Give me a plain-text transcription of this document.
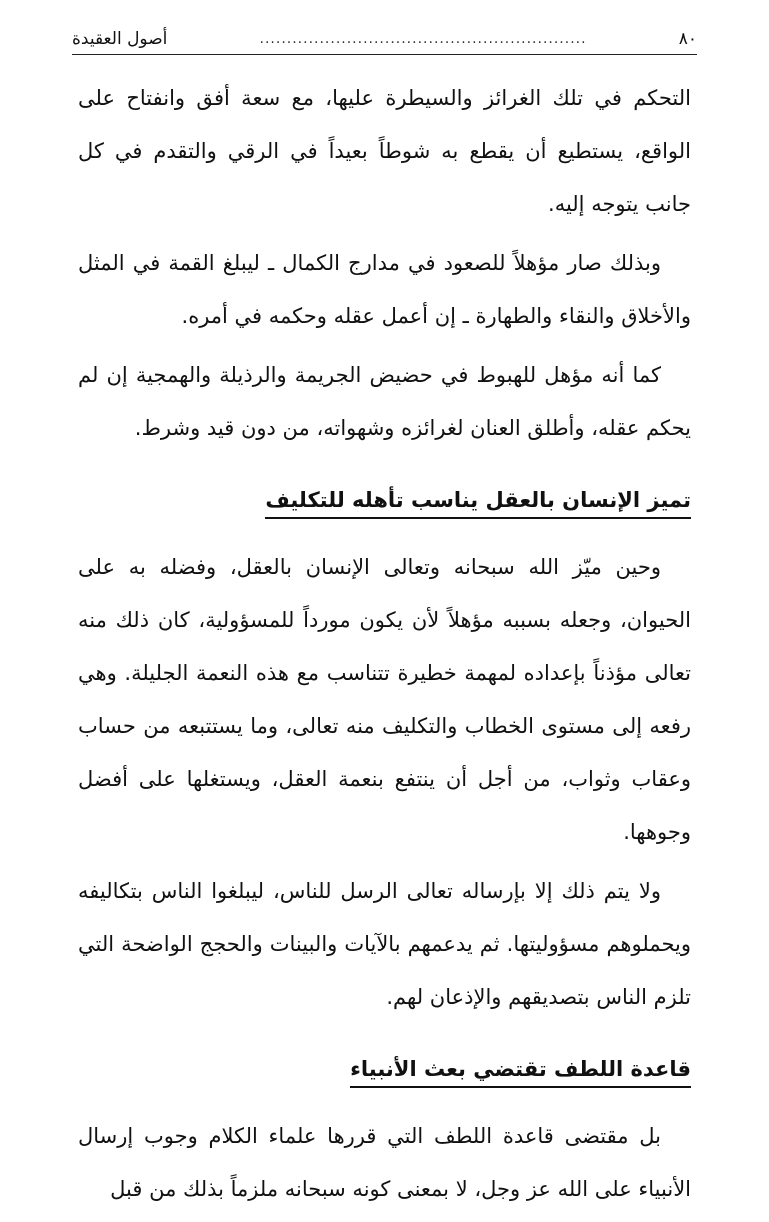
٨٠
............................................................
أصول العقيدة

التحكم في تلك الغرائز والسيطرة عليها، مع سعة أفق وانفتاح على الواقع، يستطيع أن يقطع به شوطاً بعيداً في الرقي والتقدم في كل جانب يتوجه إليه.

وبذلك صار مؤهلاً للصعود في مدارج الكمال ـ ليبلغ القمة في المثل والأخلاق والنقاء والطهارة ـ إن أعمل عقله وحكمه في أمره.

كما أنه مؤهل للهبوط في حضيض الجريمة والرذيلة والهمجية إن لم يحكم عقله، وأطلق العنان لغرائزه وشهواته، من دون قيد وشرط.

تميز الإنسان بالعقل يناسب تأهله للتكليف

وحين ميّز الله سبحانه وتعالى الإنسان بالعقل، وفضله به على الحيوان، وجعله بسببه مؤهلاً لأن يكون مورداً للمسؤولية، كان ذلك منه تعالى مؤذناً بإعداده لمهمة خطيرة تتناسب مع هذه النعمة الجليلة. وهي رفعه إلى مستوى الخطاب والتكليف منه تعالى، وما يستتبعه من حساب وعقاب وثواب، من أجل أن ينتفع بنعمة العقل، ويستغلها على أفضل وجوهها.

ولا يتم ذلك إلا بإرساله تعالى الرسل للناس، ليبلغوا الناس بتكاليفه ويحملوهم مسؤوليتها. ثم يدعمهم بالآيات والبينات والحجج الواضحة التي تلزم الناس بتصديقهم والإذعان لهم.

قاعدة اللطف تقتضي بعث الأنبياء

بل مقتضى قاعدة اللطف التي قررها علماء الكلام وجوب إرسال الأنبياء على الله عز وجل، لا بمعنى كونه سبحانه ملزماً بذلك من قبل
